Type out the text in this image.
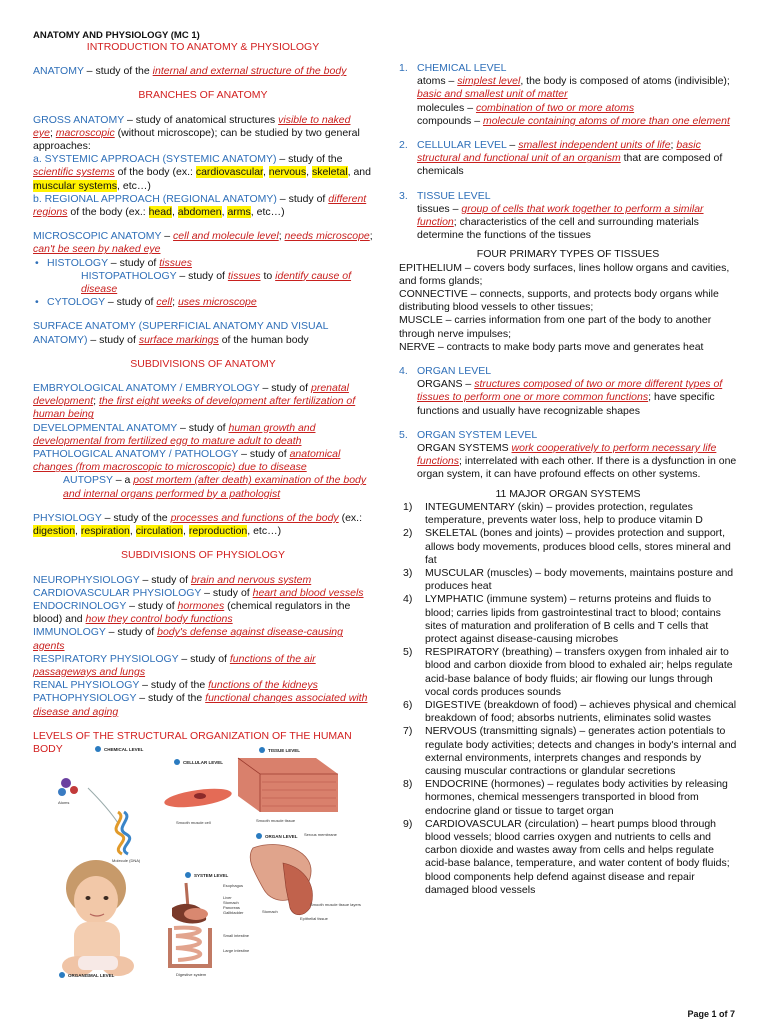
ANATOMY AND PHYSIOLOGY (MC 1)

INTRODUCTION TO ANATOMY & PHYSIOLOGY

ANATOMY – study of the internal and external structure of the body

BRANCHES OF ANATOMY

GROSS ANATOMY – study of anatomical structures visible to naked eye; macroscopic (without microscope); can be studied by two general approaches:

a. SYSTEMIC APPROACH (SYSTEMIC ANATOMY) – study of the scientific systems of the body (ex.: cardiovascular, nervous, skeletal, and muscular systems, etc…)

b. REGIONAL APPROACH (REGIONAL ANATOMY) – study of different regions of the body (ex.: head, abdomen, arms, etc…)

MICROSCOPIC ANATOMY – cell and molecule level; needs microscope; can't be seen by naked eye

• HISTOLOGY – study of tissues

HISTOPATHOLOGY – study of tissues to identify cause of disease

• CYTOLOGY – study of cell; uses microscope

SURFACE ANATOMY (SUPERFICIAL ANATOMY AND VISUAL ANATOMY) – study of surface markings of the human body

SUBDIVISIONS OF ANATOMY

EMBRYOLOGICAL ANATOMY / EMBRYOLOGY – study of prenatal development; the first eight weeks of development after fertilization of human being

DEVELOPMENTAL ANATOMY – study of human growth and developmental from fertilized egg to mature adult to death

PATHOLOGICAL ANATOMY / PATHOLOGY – study of anatomical changes (from macroscopic to microscopic) due to disease

AUTOPSY – a post mortem (after death) examination of the body and internal organs performed by a pathologist

PHYSIOLOGY – study of the processes and functions of the body (ex.: digestion, respiration, circulation, reproduction, etc…)

SUBDIVISIONS OF PHYSIOLOGY

NEUROPHYSIOLOGY – study of brain and nervous system

CARDIOVASCULAR PHYSIOLOGY – study of heart and blood vessels

ENDOCRINOLOGY – study of hormones (chemical regulators in the blood) and how they control body functions

IMMUNOLOGY – study of body's defense against disease-causing agents

RESPIRATORY PHYSIOLOGY – study of functions of the air passageways and lungs

RENAL PHYSIOLOGY – study of the functions of the kidneys

PATHOPHYSIOLOGY – study of the functional changes associated with disease and aging

LEVELS OF THE STRUCTURAL ORGANIZATION OF THE HUMAN BODY	CHEMICAL LEVEL
Atoms
Molecule (DNA)
CELLULAR LEVEL
Smooth muscle cell
TISSUE LEVEL
Smooth muscle tissue
ORGAN LEVEL Serous membrane
Stomach
Smooth muscle tissue layers
Epithelial tissue
SYSTEM LEVEL
Esophagus
Liver
Stomach
Pancreas
Gallbladder
Small intestine
Large intestine
Digestive system
ORGANISMAL LEVEL
1. CHEMICAL LEVEL
atoms – simplest level, the body is composed of atoms (indivisible); basic and smallest unit of matter
molecules – combination of two or more atoms
compounds – molecule containing atoms of more than one element
2. CELLULAR LEVEL – smallest independent units of life; basic structural and functional unit of an organism that are composed of chemicals
3. TISSUE LEVEL
tissues – group of cells that work together to perform a similar function; characteristics of the cell and surrounding materials determine the functions of the tissues
FOUR PRIMARY TYPES OF TISSUES
EPITHELIUM – covers body surfaces, lines hollow organs and cavities, and forms glands;
CONNECTIVE – connects, supports, and protects body organs while distributing blood vessels to other tissues;
MUSCLE – carries information from one part of the body to another through nerve impulses;
NERVE – contracts to make body parts move and generates heat
4. ORGAN LEVEL
ORGANS – structures composed of two or more different types of tissues to perform one or more common functions; have specific functions and usually have recognizable shapes
5. ORGAN SYSTEM LEVEL
ORGAN SYSTEMS work cooperatively to perform necessary life functions; interrelated with each other. If there is a dysfunction in one organ system, it can have profound effects on other systems.
11 MAJOR ORGAN SYSTEMS
1) INTEGUMENTARY (skin) – provides protection, regulates temperature, prevents water loss, help to produce vitamin D
2) SKELETAL (bones and joints) – provides protection and support, allows body movements, produces blood cells, stores mineral and fat
3) MUSCULAR (muscles) – body movements, maintains posture and produces heat
4) LYMPHATIC (immune system) – returns proteins and fluids to blood; carries lipids from gastrointestinal tract to blood; contains sites of maturation and proliferation of B cells and T cells that protect against disease-causing microbes
5) RESPIRATORY (breathing) – transfers oxygen from inhaled air to blood and carbon dioxide from blood to exhaled air; helps regulate acid-base balance of body fluids; air flowing our lungs through vocal cords produces sounds
6) DIGESTIVE (breakdown of food) – achieves physical and chemical breakdown of food; absorbs nutrients, eliminates solid wastes
7) NERVOUS (transmitting signals) – generates action potentials to regulate body activities; detects and changes in body's internal and external environments, interprets changes and responds by causing muscular contractions or glandular secretions
8) ENDOCRINE (hormones) – regulates body activities by releasing hormones, chemical messengers transported in blood from endocrine gland or tissue to target organ
9) CARDIOVASCULAR (circulation) – heart pumps blood through blood vessels; blood carries oxygen and nutrients to cells and carbon dioxide and wastes away from cells and helps regulate acid-base balance, temperature, and water content of body fluids; blood components help defend against disease and repair damaged blood vessels
Page 1 of 7
